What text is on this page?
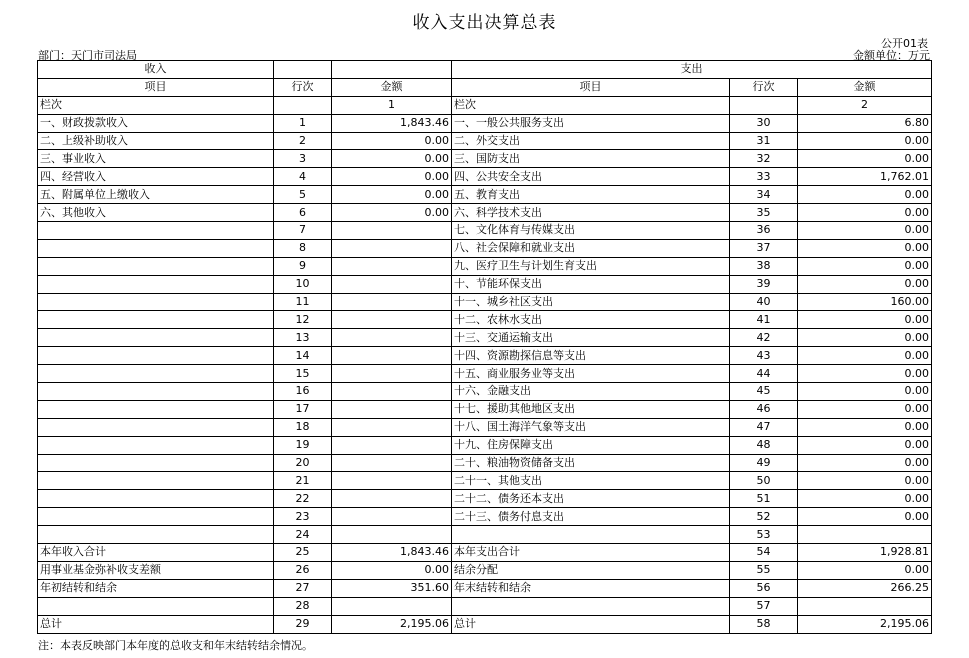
收入支出决算总表
公开01表
部门：天门市司法局	金额单位：万元
收入			支出		
项目	行次	金额	项目	行次	金额
栏次		1	栏次		2
一、财政拨款收入	1	1,843.46	一、一般公共服务支出	30	6.80
二、上级补助收入	2	0.00	二、外交支出	31	0.00
三、事业收入	3	0.00	三、国防支出	32	0.00
四、经营收入	4	0.00	四、公共安全支出	33	1,762.01
五、附属单位上缴收入	5	0.00	五、教育支出	34	0.00
六、其他收入	6	0.00	六、科学技术支出	35	0.00
	7		七、文化体育与传媒支出	36	0.00
	8		八、社会保障和就业支出	37	0.00
	9		九、医疗卫生与计划生育支出	38	0.00
	10		十、节能环保支出	39	0.00
	11		十一、城乡社区支出	40	160.00
	12		十二、农林水支出	41	0.00
	13		十三、交通运输支出	42	0.00
	14		十四、资源勘探信息等支出	43	0.00
	15		十五、商业服务业等支出	44	0.00
	16		十六、金融支出	45	0.00
	17		十七、援助其他地区支出	46	0.00
	18		十八、国土海洋气象等支出	47	0.00
	19		十九、住房保障支出	48	0.00
	20		二十、粮油物资储备支出	49	0.00
	21		二十一、其他支出	50	0.00
	22		二十二、债务还本支出	51	0.00
	23		二十三、债务付息支出	52	0.00
	24			53	
本年收入合计	25	1,843.46	本年支出合计	54	1,928.81
用事业基金弥补收支差额	26	0.00	结余分配	55	0.00
年初结转和结余	27	351.60	年末结转和结余	56	266.25
	28			57	
总计	29	2,195.06	总计	58	2,195.06
注：本表反映部门本年度的总收支和年末结转结余情况。
